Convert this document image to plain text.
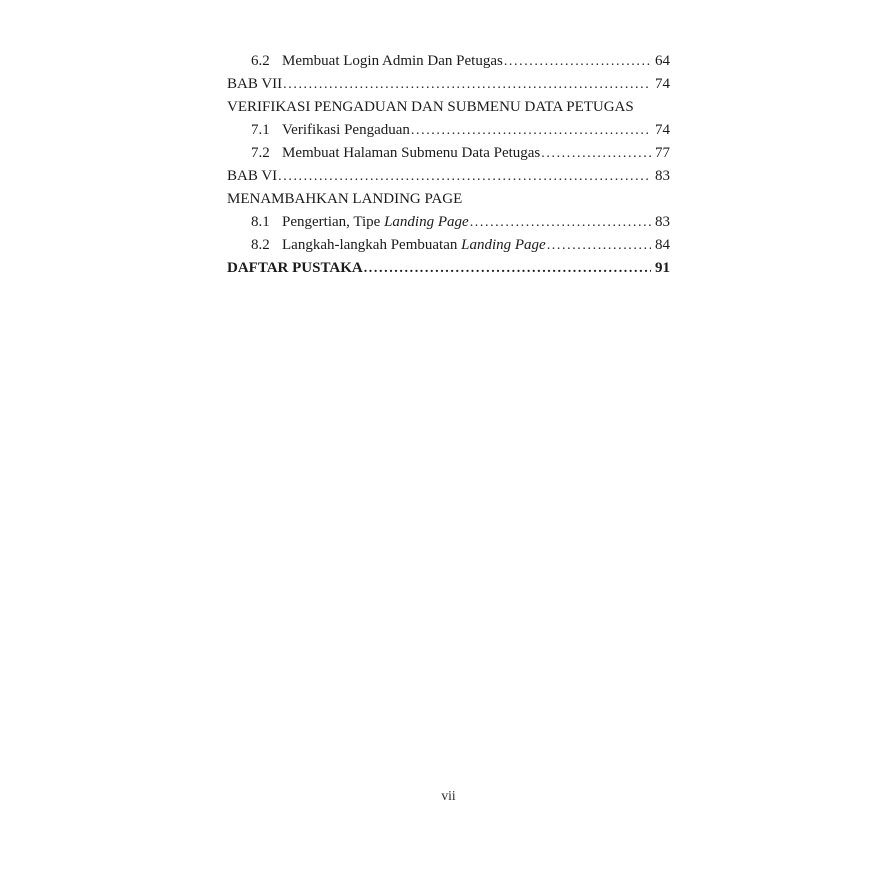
6.2 Membuat Login Admin Dan Petugas .....	64
BAB VII .....	74
VERIFIKASI PENGADUAN DAN SUBMENU DATA PETUGAS
7.1 Verifikasi Pengaduan .....	74
7.2 Membuat Halaman Submenu Data Petugas .....	77
BAB VI .....	83
MENAMBAHKAN LANDING PAGE
8.1 Pengertian, Tipe Landing Page .....	83
8.2 Langkah-langkah Pembuatan Landing Page .....	84
DAFTAR PUSTAKA .....	91
vii
